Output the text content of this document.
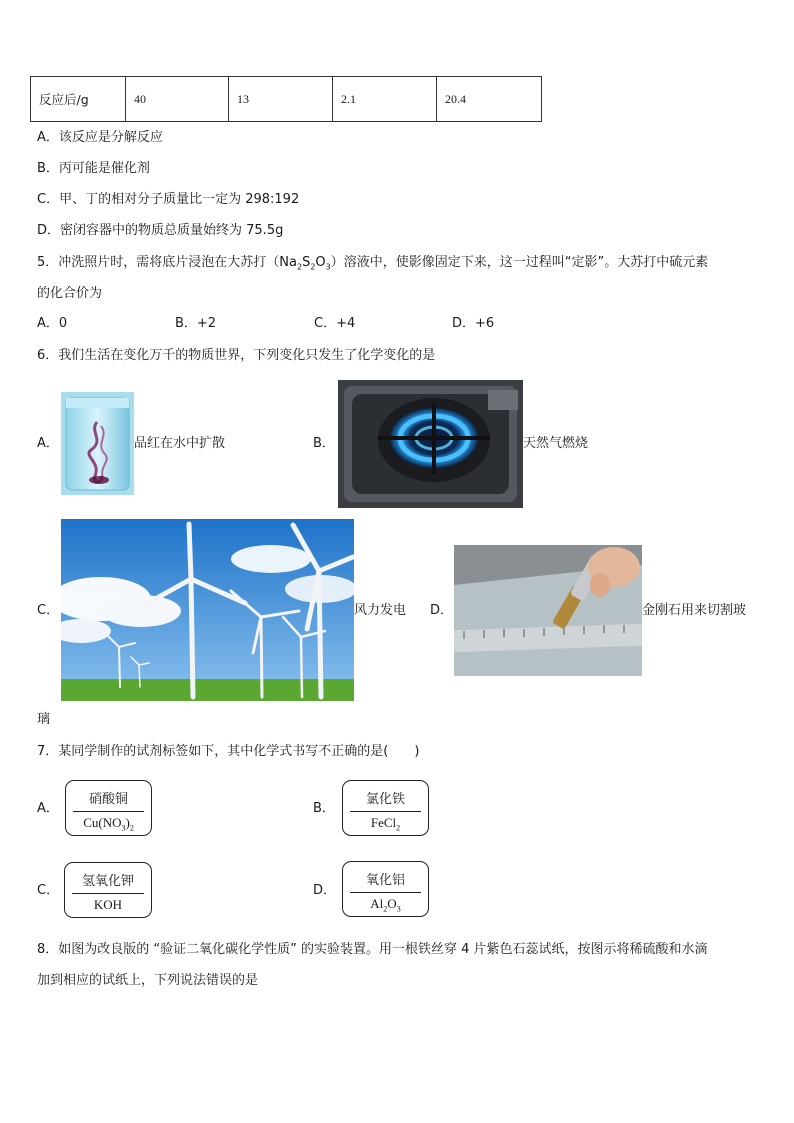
反应后/g	40	13	2.1	20.4
A．该反应是分解反应
B．丙可能是催化剂
C．甲、丁的相对分子质量比一定为 298:192
D．密闭容器中的物质总质量始终为 75.5g
5．冲洗照片时，需将底片浸泡在大苏打$(Na_2S_2O_3)$溶液中，使影像固定下来，这一过程叫“定影”。大苏打中硫元素
的化合价为
A．0	B．+2	C．+4	D．+6
6．我们生活在变化万千的物质世界，下列变化只发生了化学变化的是
A．	品红在水中扩散	B．	天然气燃烧
C．	风力发电 D．	金刚石用来切割玻
璃
7．某同学制作的试剂标签如下，其中化学式书写不正确的是(　　)
A．
硝酸铜
$Cu(NO_3)_2$
B．
氯化铁
FeCl$_2$
C．
氢氧化钾
KOH
D．
氧化铝
$Al_2O_3$
8．如图为改良版的 “验证二氧化碳化学性质” 的实验装置。用一根铁丝穿 4 片紫色石蕊试纸，按图示将稀硫酸和水滴
加到相应的试纸上，下列说法错误的是
